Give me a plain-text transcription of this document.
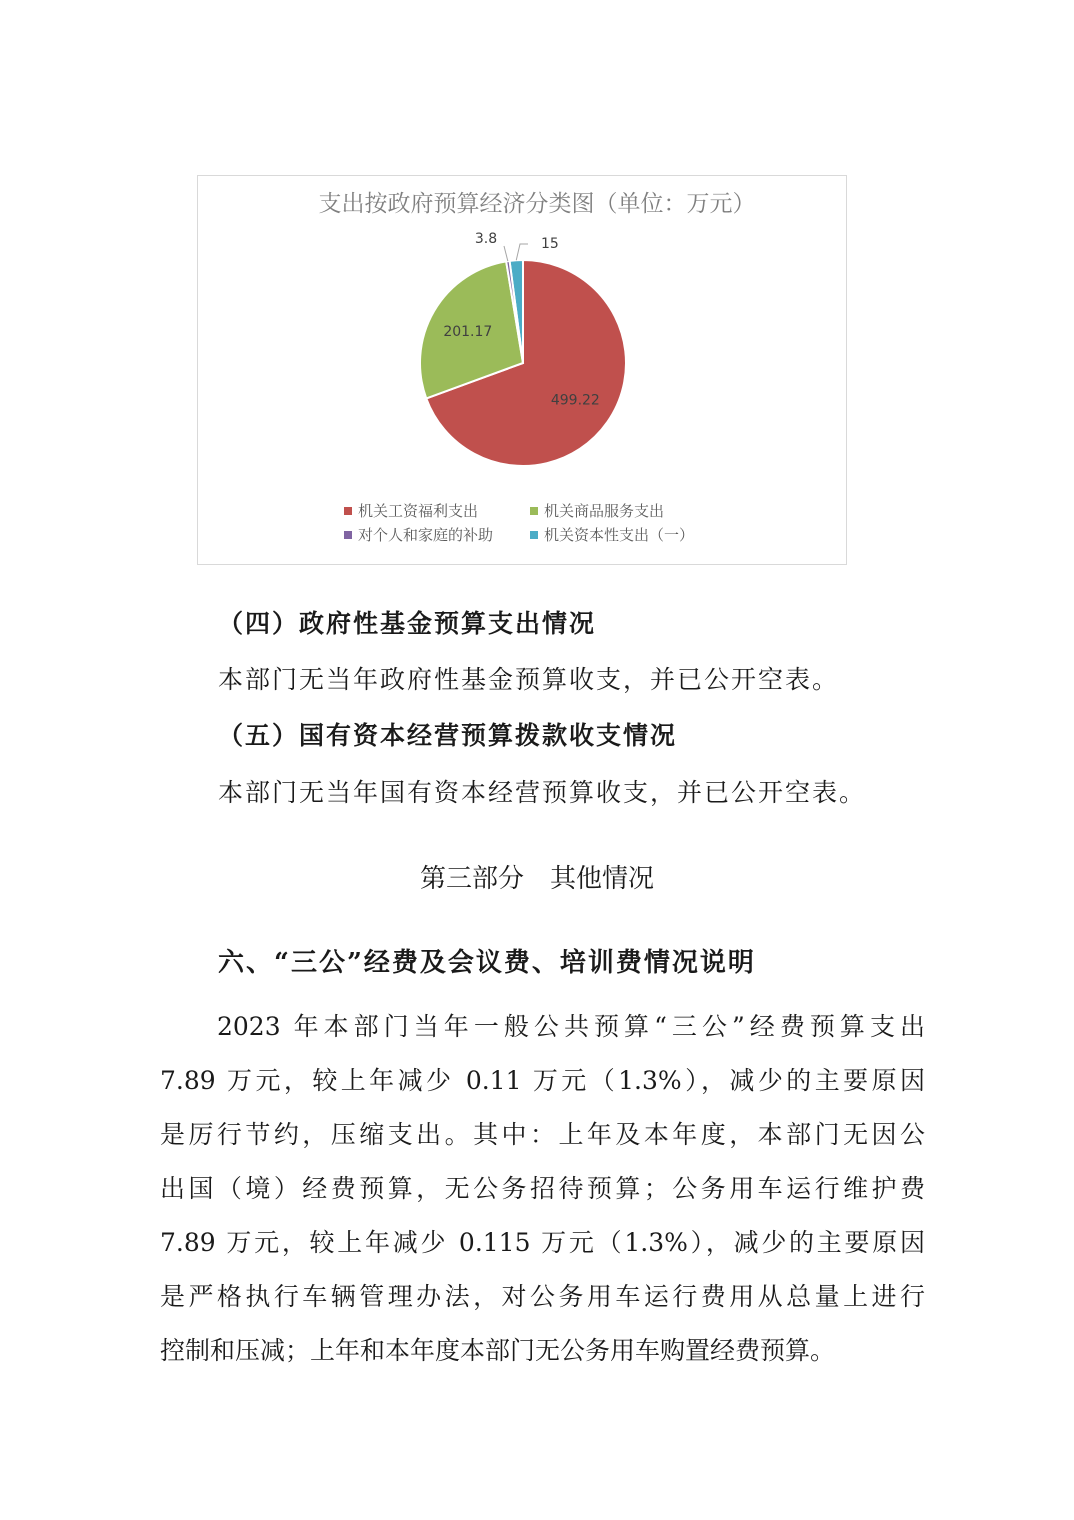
499.22
201.17
3.8	15
机关工资福利支出	机关商品服务支出
对个人和家庭的补助	机关资本性支出（一）
支出按政府预算经济分类图（单位：万元）
（四）政府性基金预算支出情况
本部门无当年政府性基金预算收支，并已公开空表。
（五）国有资本经营预算拨款收支情况
本部门无当年国有资本经营预算收支，并已公开空表。
第三部分　其他情况
六、“三公”经费及会议费、培训费情况说明
2023 年本部门当年一般公共预算“三公”经费预算支出
7.89 万元，较上年减少 0.11 万元（1.3%），减少的主要原因
是厉行节约，压缩支出。其中：上年及本年度，本部门无因公
出国（境）经费预算，无公务招待预算；公务用车运行维护费
7.89 万元，较上年减少 0.115 万元（1.3%），减少的主要原因
是严格执行车辆管理办法，对公务用车运行费用从总量上进行
控制和压减；上年和本年度本部门无公务用车购置经费预算。
